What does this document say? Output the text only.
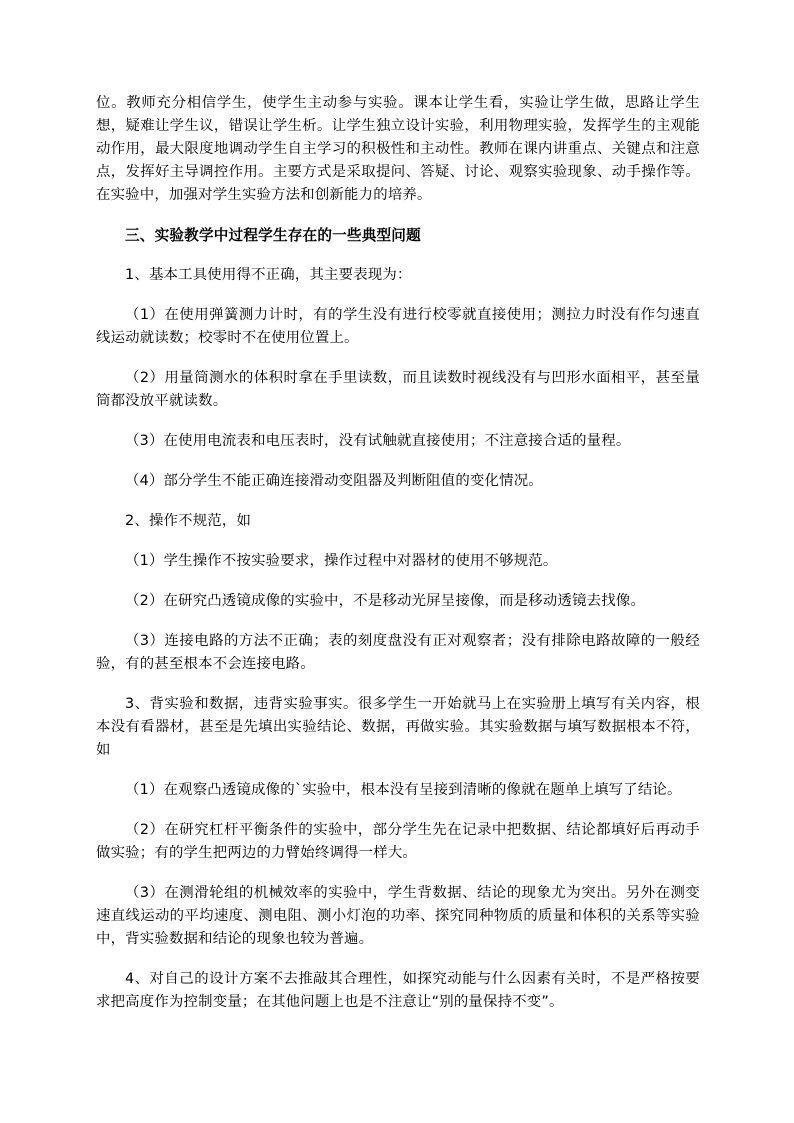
位。教师充分相信学生，使学生主动参与实验。课本让学生看，实验让学生做，思路让学生想，疑难让学生议，错误让学生析。让学生独立设计实验，利用物理实验，发挥学生的主观能动作用，最大限度地调动学生自主学习的积极性和主动性。教师在课内讲重点、关键点和注意点，发挥好主导调控作用。主要方式是采取提问、答疑、讨论、观察实验现象、动手操作等。在实验中，加强对学生实验方法和创新能力的培养。

三、实验教学中过程学生存在的一些典型问题

1、基本工具使用得不正确，其主要表现为：

（1）在使用弹簧测力计时，有的学生没有进行校零就直接使用；测拉力时没有作匀速直线运动就读数；校零时不在使用位置上。

（2）用量筒测水的体积时拿在手里读数，而且读数时视线没有与凹形水面相平，甚至量筒都没放平就读数。

（3）在使用电流表和电压表时，没有试触就直接使用；不注意接合适的量程。

（4）部分学生不能正确连接滑动变阻器及判断阻值的变化情况。

2、操作不规范，如

（1）学生操作不按实验要求，操作过程中对器材的使用不够规范。

（2）在研究凸透镜成像的实验中，不是移动光屏呈接像，而是移动透镜去找像。

（3）连接电路的方法不正确；表的刻度盘没有正对观察者；没有排除电路故障的一般经验，有的甚至根本不会连接电路。

3、背实验和数据，违背实验事实。很多学生一开始就马上在实验册上填写有关内容，根本没有看器材，甚至是先填出实验结论、数据，再做实验。其实验数据与填写数据根本不符，如

（1）在观察凸透镜成像的`实验中，根本没有呈接到清晰的像就在题单上填写了结论。

（2）在研究杠杆平衡条件的实验中，部分学生先在记录中把数据、结论都填好后再动手做实验；有的学生把两边的力臂始终调得一样大。

（3）在测滑轮组的机械效率的实验中，学生背数据、结论的现象尤为突出。另外在测变速直线运动的平均速度、测电阻、测小灯泡的功率、探究同种物质的质量和体积的关系等实验中，背实验数据和结论的现象也较为普遍。

4、对自己的设计方案不去推敲其合理性，如探究动能与什么因素有关时，不是严格按要求把高度作为控制变量；在其他问题上也是不注意让“别的量保持不变”。
